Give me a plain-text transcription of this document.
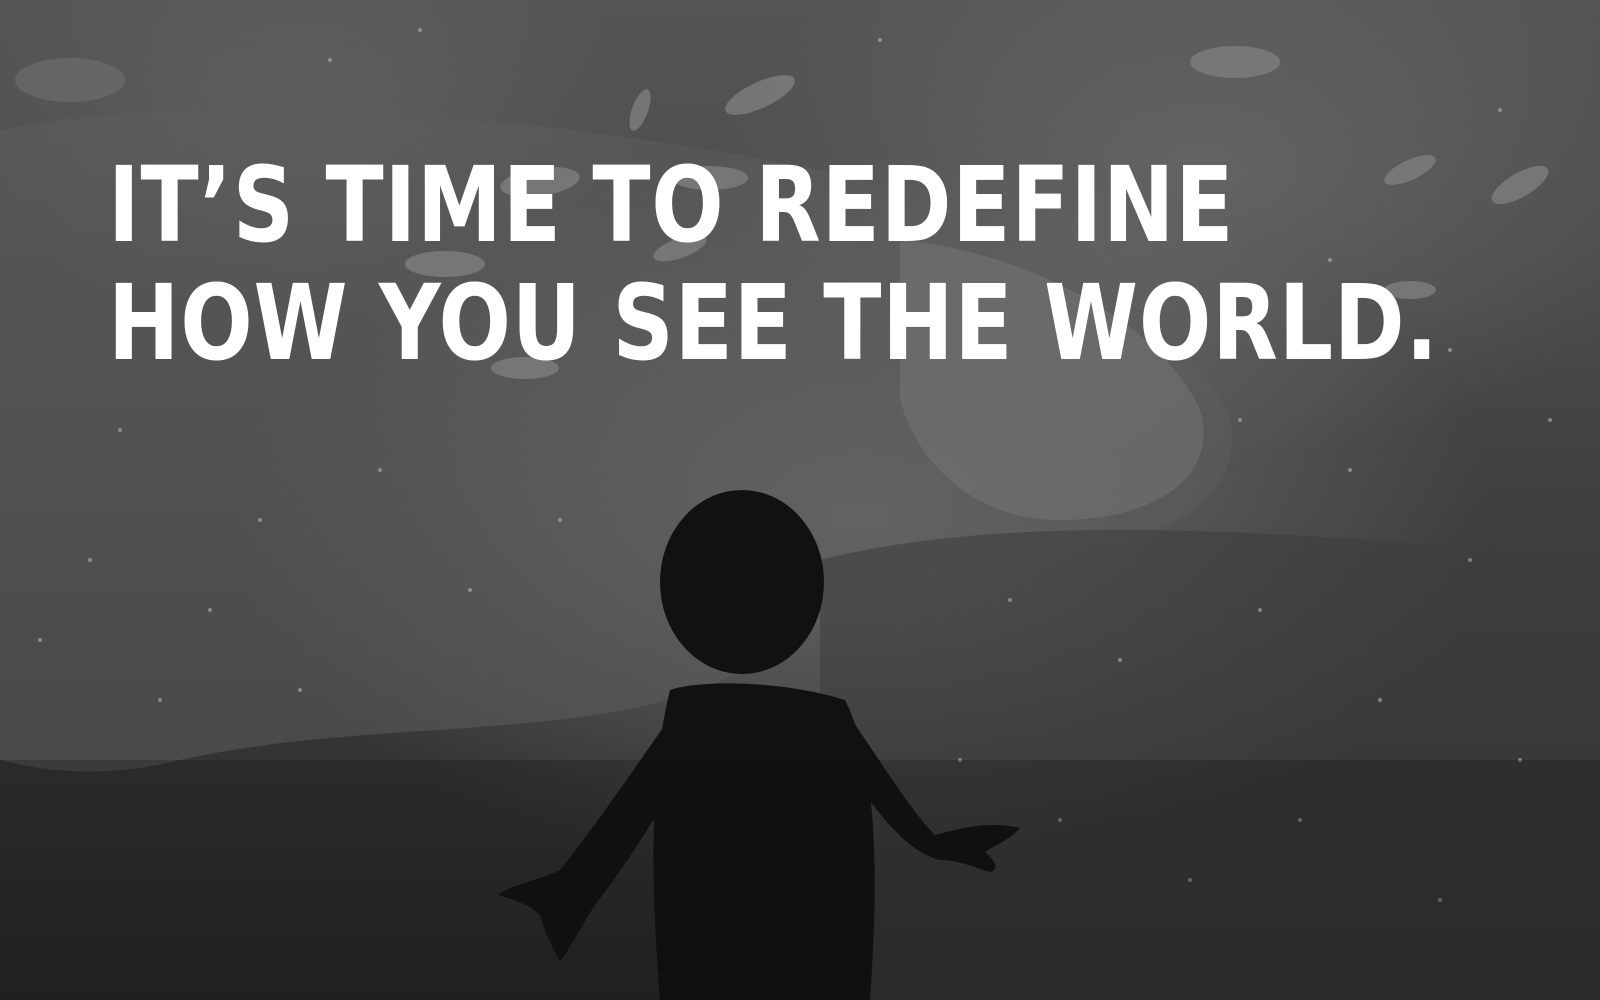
IT’S TIME TO REDEFINE
HOW YOU SEE THE WORLD.
